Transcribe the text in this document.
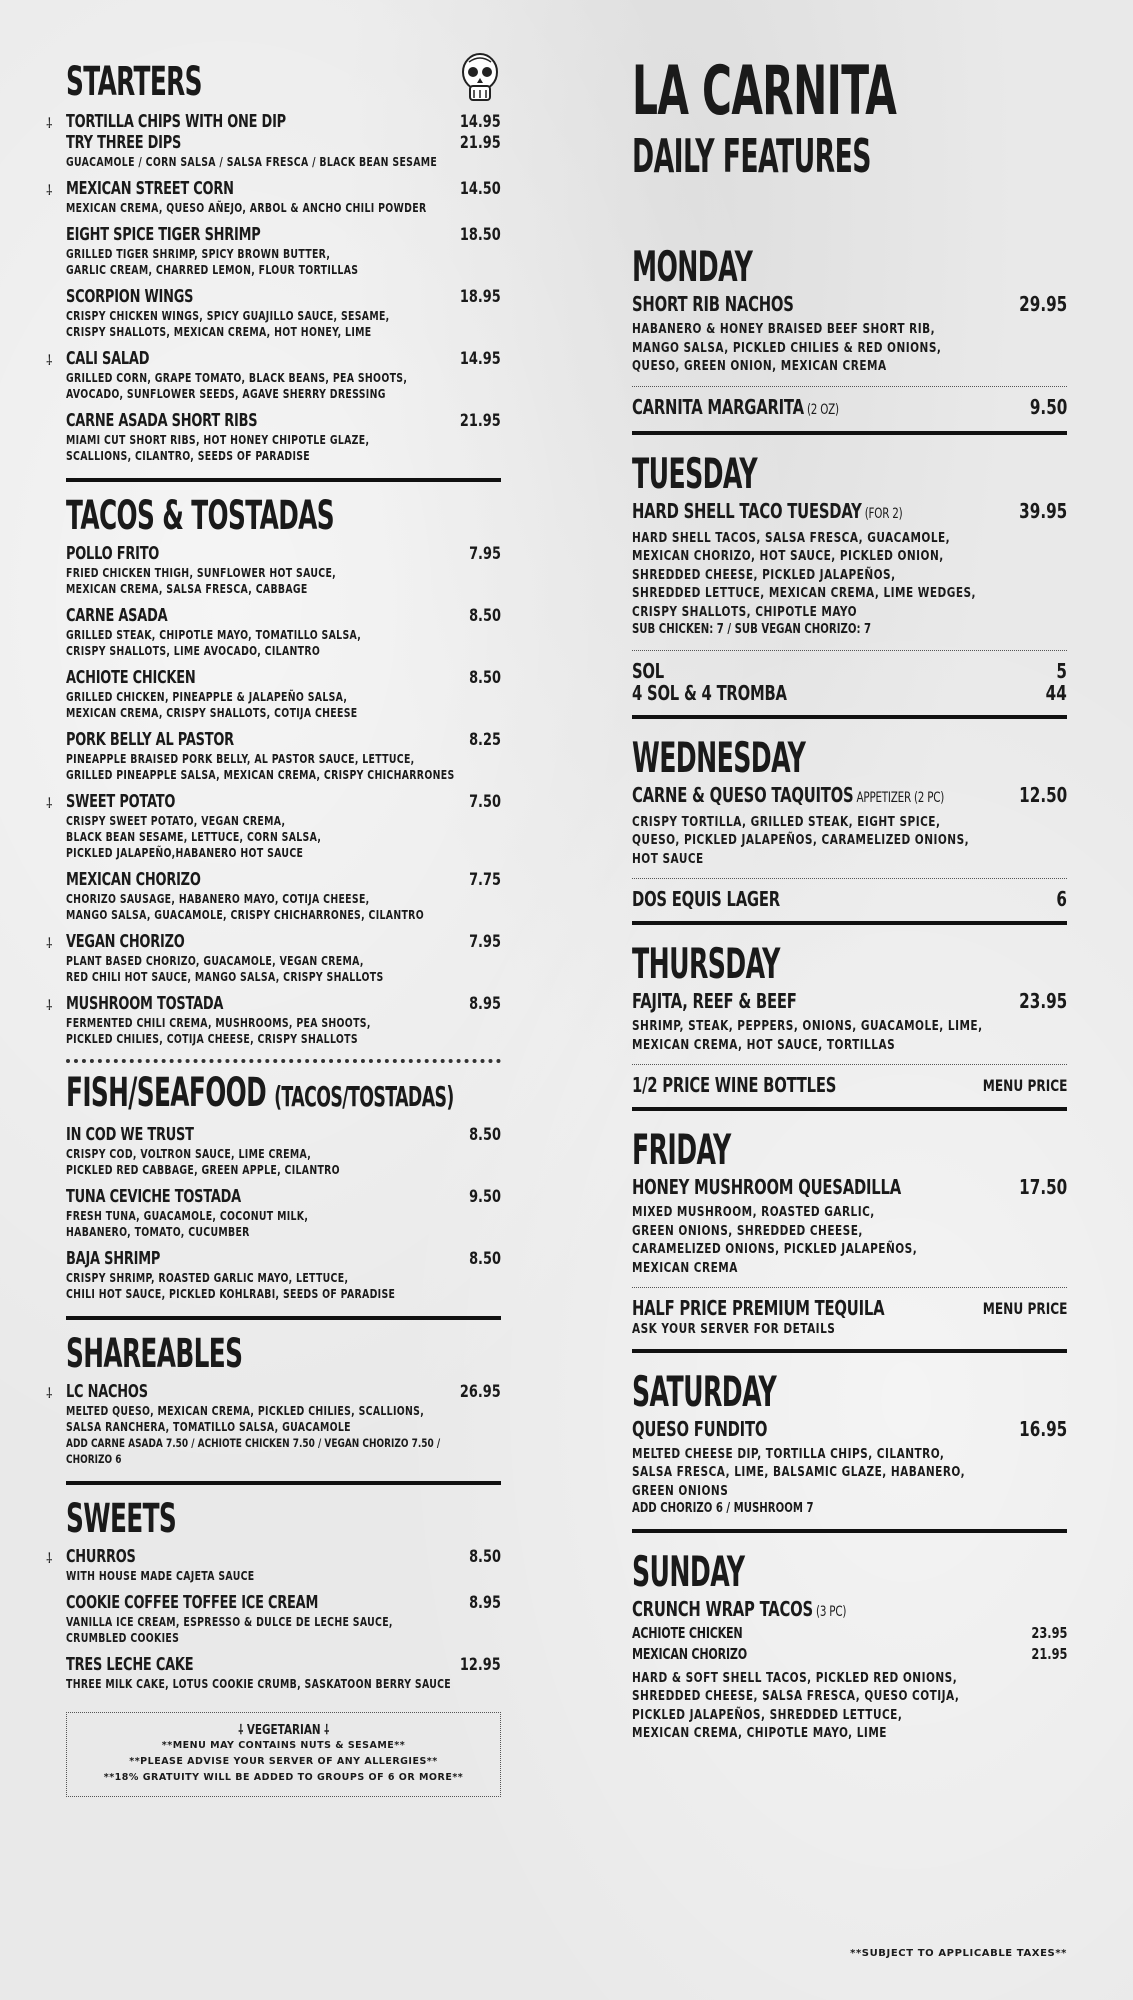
STARTERS
⸸ TORTILLA CHIPS WITH ONE DIP	14.95
TRY THREE DIPS	21.95
GUACAMOLE / CORN SALSA / SALSA FRESCA / BLACK BEAN SESAME
⸸ MEXICAN STREET CORN	14.50
MEXICAN CREMA, QUESO AÑEJO, ARBOL & ANCHO CHILI POWDER
EIGHT SPICE TIGER SHRIMP	18.50
GRILLED TIGER SHRIMP, SPICY BROWN BUTTER,
GARLIC CREAM, CHARRED LEMON, FLOUR TORTILLAS
SCORPION WINGS	18.95
CRISPY CHICKEN WINGS, SPICY GUAJILLO SAUCE, SESAME,
CRISPY SHALLOTS, MEXICAN CREMA, HOT HONEY, LIME
⸸ CALI SALAD	14.95
GRILLED CORN, GRAPE TOMATO, BLACK BEANS, PEA SHOOTS,
AVOCADO, SUNFLOWER SEEDS, AGAVE SHERRY DRESSING
CARNE ASADA SHORT RIBS	21.95
MIAMI CUT SHORT RIBS, HOT HONEY CHIPOTLE GLAZE,
SCALLIONS, CILANTRO, SEEDS OF PARADISE
TACOS & TOSTADAS
POLLO FRITO	7.95
FRIED CHICKEN THIGH, SUNFLOWER HOT SAUCE,
MEXICAN CREMA, SALSA FRESCA, CABBAGE
CARNE ASADA	8.50
GRILLED STEAK, CHIPOTLE MAYO, TOMATILLO SALSA,
CRISPY SHALLOTS, LIME AVOCADO, CILANTRO
ACHIOTE CHICKEN	8.50
GRILLED CHICKEN, PINEAPPLE & JALAPEÑO SALSA,
MEXICAN CREMA, CRISPY SHALLOTS, COTIJA CHEESE
PORK BELLY AL PASTOR	8.25
PINEAPPLE BRAISED PORK BELLY, AL PASTOR SAUCE, LETTUCE,
GRILLED PINEAPPLE SALSA, MEXICAN CREMA, CRISPY CHICHARRONES
⸸ SWEET POTATO	7.50
CRISPY SWEET POTATO, VEGAN CREMA,
BLACK BEAN SESAME, LETTUCE, CORN SALSA,
PICKLED JALAPEÑO,HABANERO HOT SAUCE
MEXICAN CHORIZO	7.75
CHORIZO SAUSAGE, HABANERO MAYO, COTIJA CHEESE,
MANGO SALSA, GUACAMOLE, CRISPY CHICHARRONES, CILANTRO
⸸ VEGAN CHORIZO	7.95
PLANT BASED CHORIZO, GUACAMOLE, VEGAN CREMA,
RED CHILI HOT SAUCE, MANGO SALSA, CRISPY SHALLOTS
⸸ MUSHROOM TOSTADA	8.95
FERMENTED CHILI CREMA, MUSHROOMS, PEA SHOOTS,
PICKLED CHILIES, COTIJA CHEESE, CRISPY SHALLOTS
FISH/SEAFOOD (TACOS/TOSTADAS)
IN COD WE TRUST	8.50
CRISPY COD, VOLTRON SAUCE, LIME CREMA,
PICKLED RED CABBAGE, GREEN APPLE, CILANTRO
TUNA CEVICHE TOSTADA	9.50
FRESH TUNA, GUACAMOLE, COCONUT MILK,
HABANERO, TOMATO, CUCUMBER
BAJA SHRIMP	8.50
CRISPY SHRIMP, ROASTED GARLIC MAYO, LETTUCE,
CHILI HOT SAUCE, PICKLED KOHLRABI, SEEDS OF PARADISE
SHAREABLES
⸸ LC NACHOS	26.95
MELTED QUESO, MEXICAN CREMA, PICKLED CHILIES, SCALLIONS,
SALSA RANCHERA, TOMATILLO SALSA, GUACAMOLE
ADD CARNE ASADA 7.50 / ACHIOTE CHICKEN 7.50 / VEGAN CHORIZO 7.50 /
CHORIZO 6
SWEETS
⸸ CHURROS	8.50
WITH HOUSE MADE CAJETA SAUCE
COOKIE COFFEE TOFFEE ICE CREAM	8.95
VANILLA ICE CREAM, ESPRESSO & DULCE DE LECHE SAUCE,
CRUMBLED COOKIES
TRES LECHE CAKE	12.95
THREE MILK CAKE, LOTUS COOKIE CRUMB, SASKATOON BERRY SAUCE
⸸ VEGETARIAN ⸸
**MENU MAY CONTAINS NUTS & SESAME**
**PLEASE ADVISE YOUR SERVER OF ANY ALLERGIES**
**18% GRATUITY WILL BE ADDED TO GROUPS OF 6 OR MORE**
LA CARNITA
DAILY FEATURES
MONDAY
SHORT RIB NACHOS	29.95
HABANERO & HONEY BRAISED BEEF SHORT RIB,
MANGO SALSA, PICKLED CHILIES & RED ONIONS,
QUESO, GREEN ONION, MEXICAN CREMA
CARNITA MARGARITA (2 OZ)	9.50
TUESDAY
HARD SHELL TACO TUESDAY (FOR 2)	39.95
HARD SHELL TACOS, SALSA FRESCA, GUACAMOLE,
MEXICAN CHORIZO, HOT SAUCE, PICKLED ONION,
SHREDDED CHEESE, PICKLED JALAPEÑOS,
SHREDDED LETTUCE, MEXICAN CREMA, LIME WEDGES,
CRISPY SHALLOTS, CHIPOTLE MAYO
SUB CHICKEN: 7 / SUB VEGAN CHORIZO: 7
SOL	5
4 SOL & 4 TROMBA	44
WEDNESDAY
CARNE & QUESO TAQUITOS APPETIZER (2 PC)	12.50
CRISPY TORTILLA, GRILLED STEAK, EIGHT SPICE,
QUESO, PICKLED JALAPEÑOS, CARAMELIZED ONIONS,
HOT SAUCE
DOS EQUIS LAGER	6
THURSDAY
FAJITA, REEF & BEEF	23.95
SHRIMP, STEAK, PEPPERS, ONIONS, GUACAMOLE, LIME,
MEXICAN CREMA, HOT SAUCE, TORTILLAS
1/2 PRICE WINE BOTTLES	MENU PRICE
FRIDAY
HONEY MUSHROOM QUESADILLA	17.50
MIXED MUSHROOM, ROASTED GARLIC,
GREEN ONIONS, SHREDDED CHEESE,
CARAMELIZED ONIONS, PICKLED JALAPEÑOS,
MEXICAN CREMA
HALF PRICE PREMIUM TEQUILA	MENU PRICE
ASK YOUR SERVER FOR DETAILS
SATURDAY
QUESO FUNDITO	16.95
MELTED CHEESE DIP, TORTILLA CHIPS, CILANTRO,
SALSA FRESCA, LIME, BALSAMIC GLAZE, HABANERO,
GREEN ONIONS
ADD CHORIZO 6 / MUSHROOM 7
SUNDAY
CRUNCH WRAP TACOS (3 PC)
ACHIOTE CHICKEN	23.95
MEXICAN CHORIZO	21.95
HARD & SOFT SHELL TACOS, PICKLED RED ONIONS,
SHREDDED CHEESE, SALSA FRESCA, QUESO COTIJA,
PICKLED JALAPEÑOS, SHREDDED LETTUCE,
MEXICAN CREMA, CHIPOTLE MAYO, LIME
**SUBJECT TO APPLICABLE TAXES**
